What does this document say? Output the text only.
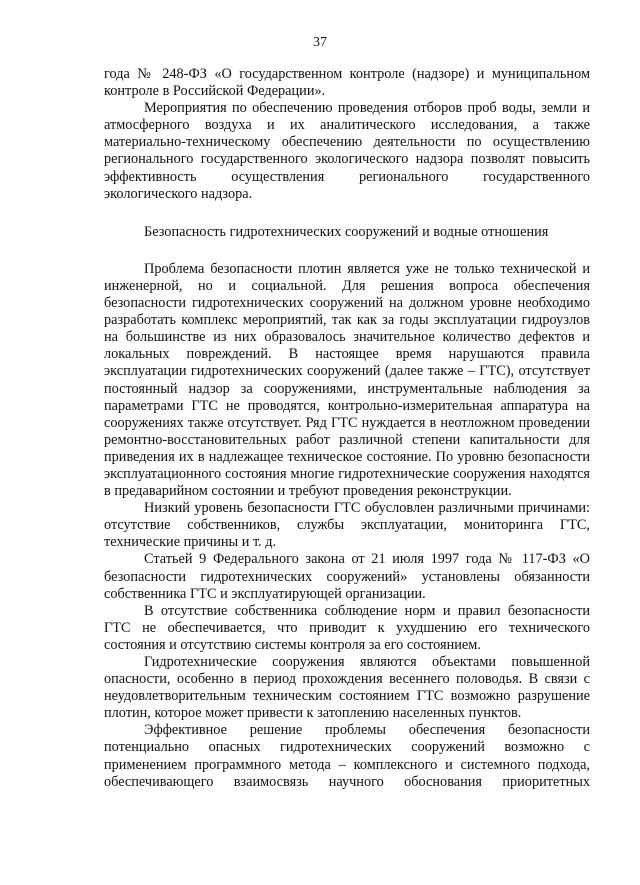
37

года № 248-ФЗ «О государственном контроле (надзоре) и муниципальном контроле в Российской Федерации».

Мероприятия по обеспечению проведения отборов проб воды, земли и атмосферного воздуха и их аналитического исследования, а также материально-техническому обеспечению деятельности по осуществлению регионального государственного экологического надзора позволят повысить эффективность осуществления регионального государственного экологического надзора.

Безопасность гидротехнических сооружений и водные отношения

Проблема безопасности плотин является уже не только технической и инженерной, но и социальной. Для решения вопроса обеспечения безопасности гидротехнических сооружений на должном уровне необходимо разработать комплекс мероприятий, так как за годы эксплуатации гидроузлов на большинстве из них образовалось значительное количество дефектов и локальных повреждений. В настоящее время нарушаются правила эксплуатации гидротехнических сооружений (далее также – ГТС), отсутствует постоянный надзор за сооружениями, инструментальные наблюдения за параметрами ГТС не проводятся, контрольно-измерительная аппаратура на сооружениях также отсутствует. Ряд ГТС нуждается в неотложном проведении ремонтно-восстановительных работ различной степени капитальности для приведения их в надлежащее техническое состояние. По уровню безопасности эксплуатационного состояния многие гидротехнические сооружения находятся в предаварийном состоянии и требуют проведения реконструкции.

Низкий уровень безопасности ГТС обусловлен различными причинами: отсутствие собственников, службы эксплуатации, мониторинга ГТС, технические причины и т. д.

Статьей 9 Федерального закона от 21 июля 1997 года № 117-ФЗ «О безопасности гидротехнических сооружений» установлены обязанности собственника ГТС и эксплуатирующей организации.

В отсутствие собственника соблюдение норм и правил безопасности ГТС не обеспечивается, что приводит к ухудшению его технического состояния и отсутствию системы контроля за его состоянием.

Гидротехнические сооружения являются объектами повышенной опасности, особенно в период прохождения весеннего половодья. В связи с неудовлетворительным техническим состоянием ГТС возможно разрушение плотин, которое может привести к затоплению населенных пунктов.

Эффективное решение проблемы обеспечения безопасности потенциально опасных гидротехнических сооружений возможно с применением программного метода – комплексного и системного подхода, обеспечивающего взаимосвязь научного обоснования приоритетных
